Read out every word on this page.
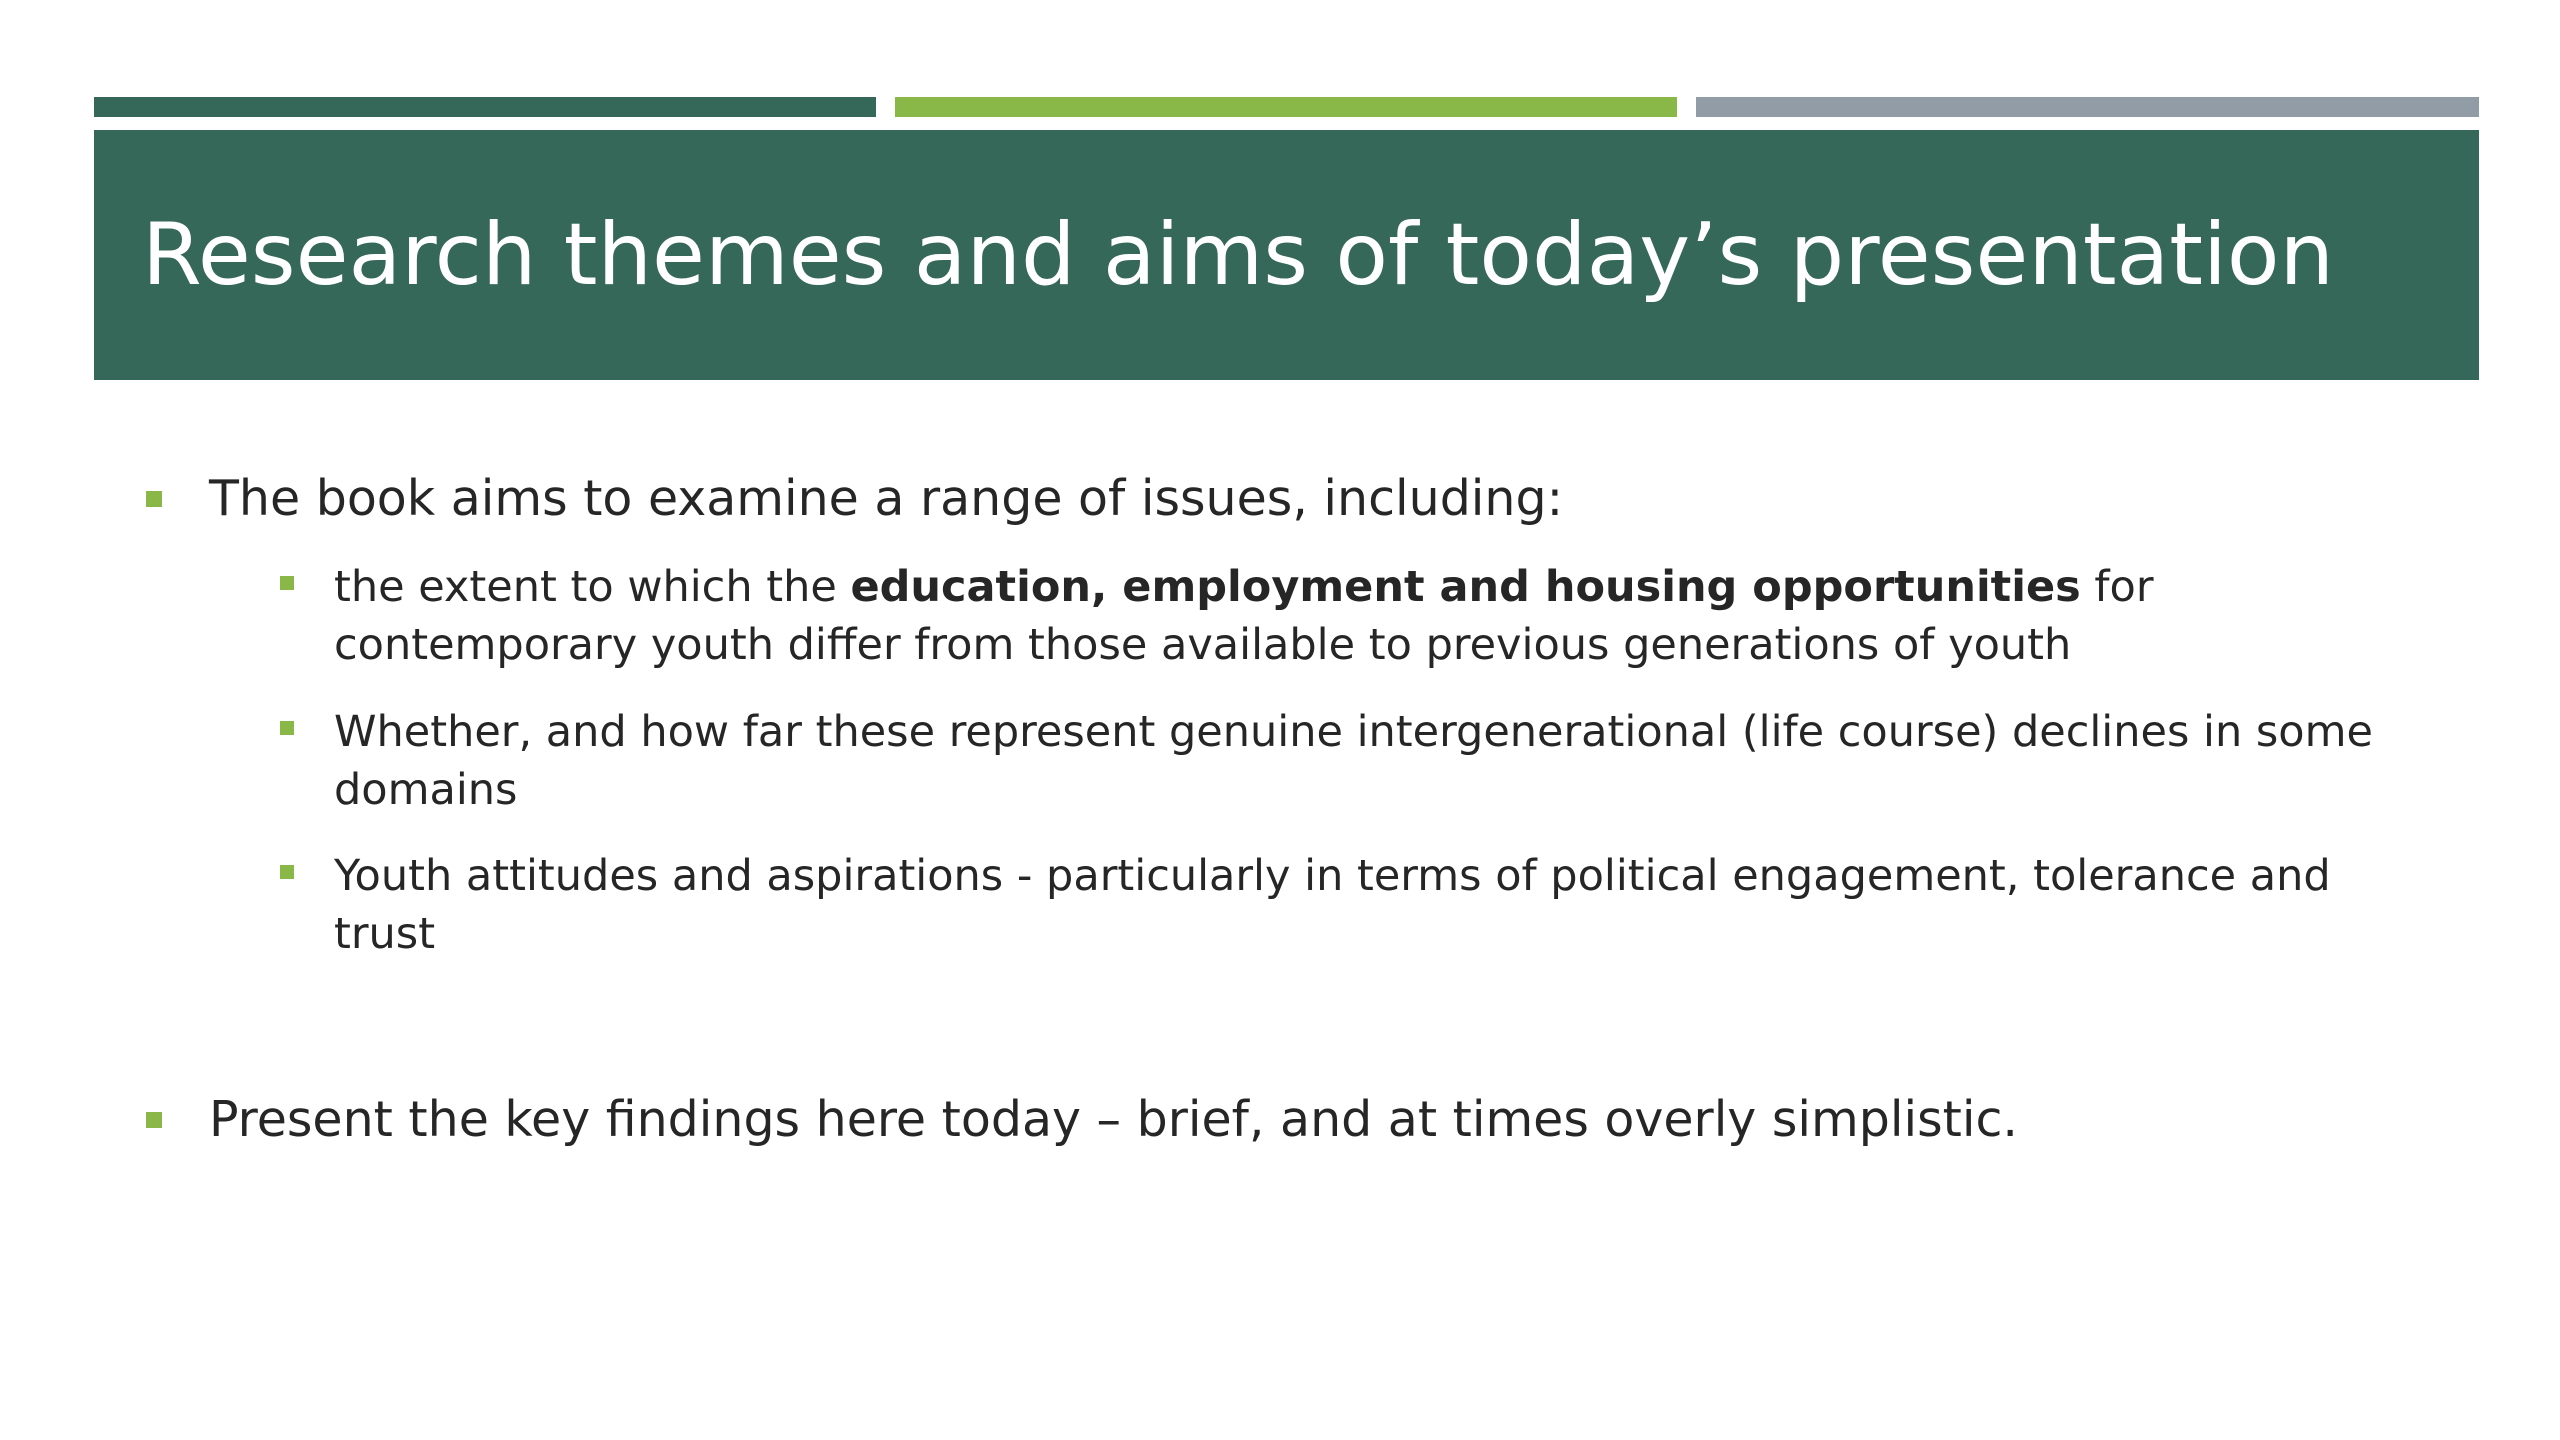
Research themes and aims of today’s presentation
The book aims to examine a range of issues, including:
the extent to which the education, employment and housing opportunities for contemporary youth differ from those available to previous generations of youth
Whether, and how far these represent genuine intergenerational (life course) declines in some domains
Youth attitudes and aspirations - particularly in terms of political engagement, tolerance and trust
Present the key findings here today – brief, and at times overly simplistic.
